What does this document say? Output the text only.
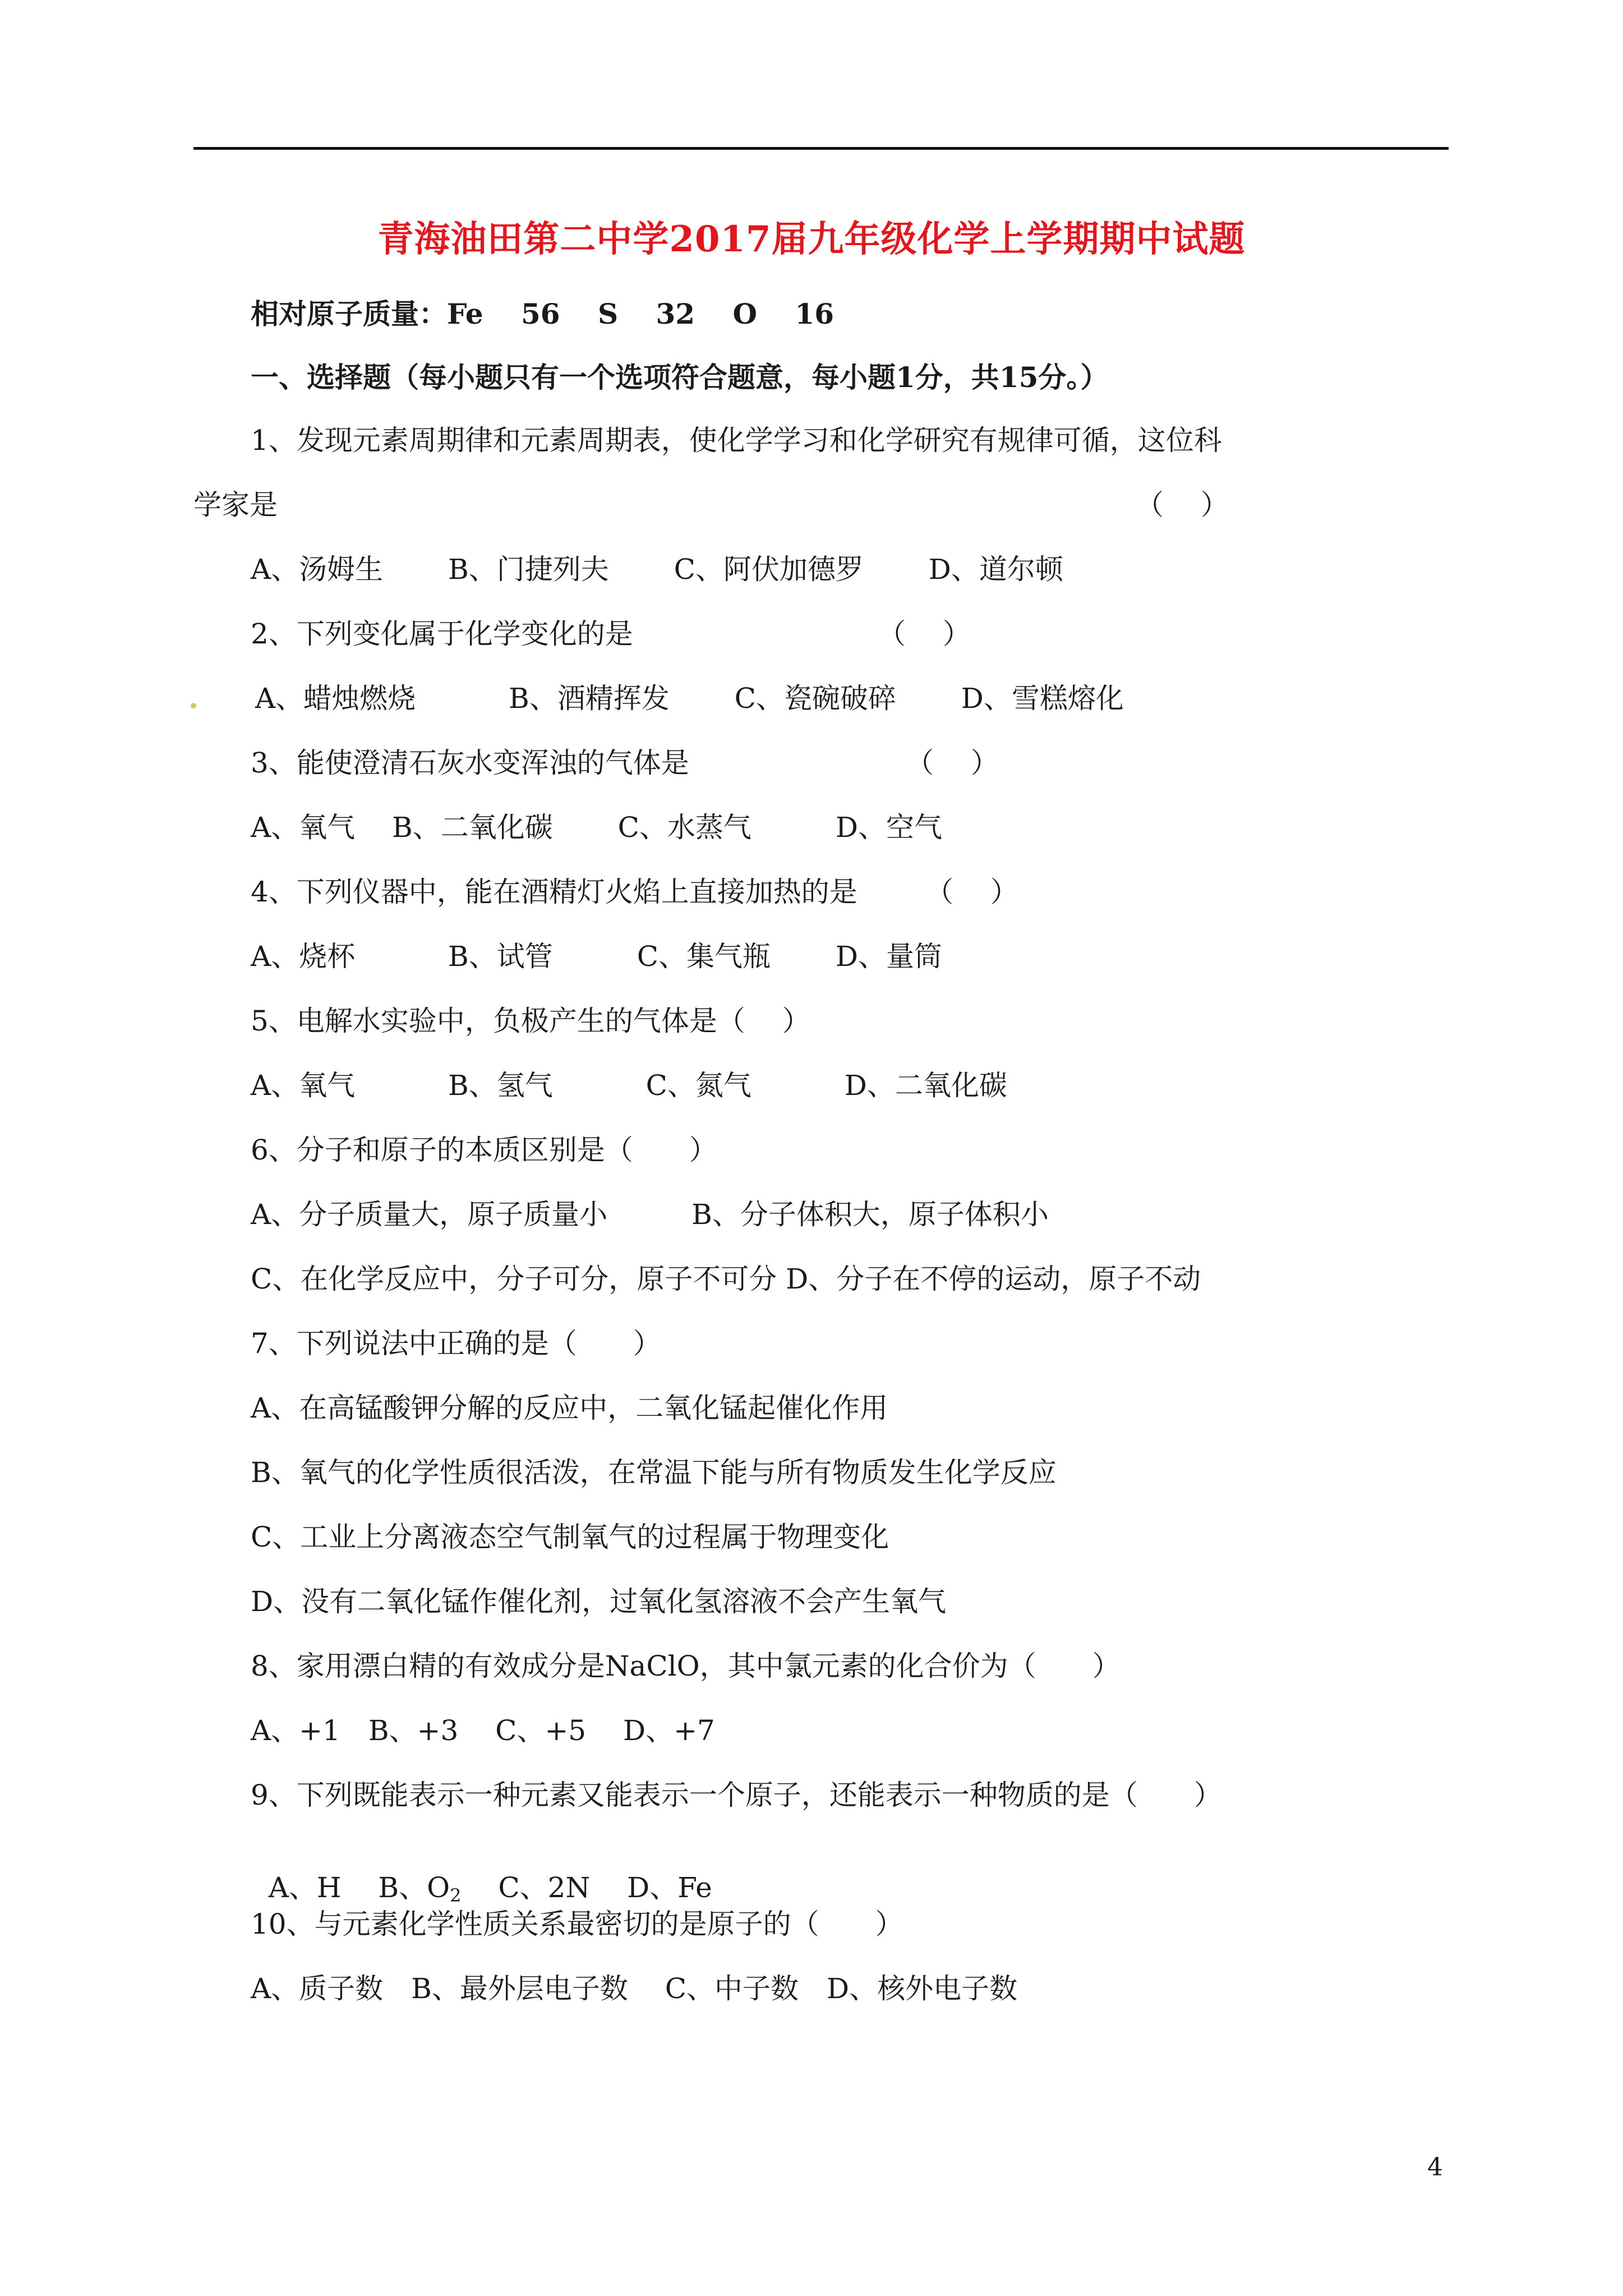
青海油田第二中学2017届九年级化学上学期期中试题
相对原子质量：Fe　 56　 S　 32　 O　 16
一、选择题（每小题只有一个选项符合题意，每小题1分，共15分。）
1、发现元素周期律和元素周期表，使化学学习和化学研究有规律可循，这位科
学家是	（　 ）
A、汤姆生　　 B、门捷列夫　　 C、阿伏加德罗　　 D、道尔顿
2、下列变化属于化学变化的是	（　 ）
A、蜡烛燃烧　　　 B、酒精挥发　　 C、瓷碗破碎　　 D、雪糕熔化
3、能使澄清石灰水变浑浊的气体是	（　 ）
A、氧气　 B、二氧化碳　　 C、水蒸气　　　D、空气
4、下列仪器中，能在酒精灯火焰上直接加热的是 （　 ）
A、烧杯　　　 B、试管　　　C、集气瓶　　 D、量筒
5、电解水实验中，负极产生的气体是（　 ）
A、氧气　　　 B、氢气　　　 C、氮气　　　 D、二氧化碳
6、分子和原子的本质区别是（　　）
A、分子质量大，原子质量小　　　B、分子体积大，原子体积小
C、在化学反应中，分子可分，原子不可分 D、分子在不停的运动，原子不动
7、下列说法中正确的是（　　）
A、在高锰酸钾分解的反应中，二氧化锰起催化作用
B、氧气的化学性质很活泼，在常温下能与所有物质发生化学反应
C、工业上分离液态空气制氧气的过程属于物理变化
D、没有二氧化锰作催化剂，过氧化氢溶液不会产生氧气
8、家用漂白精的有效成分是NaClO，其中氯元素的化合价为（　　）
A、+1　B、+3　 C、+5　 D、+7
9、下列既能表示一种元素又能表示一个原子，还能表示一种物质的是（　　）

A、H　 B、$O_2$　 C、2N　 D、Fe

10、与元素化学性质关系最密切的是原子的（　　）
A、质子数　B、最外层电子数　 C、中子数　D、核外电子数
4
